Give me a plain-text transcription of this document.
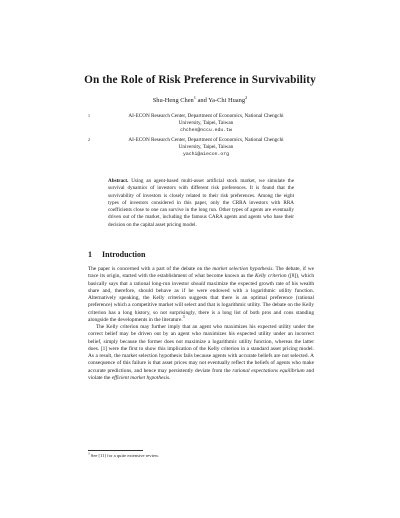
On the Role of Risk Preference in Survivability
Shu-Heng Chen$^1$ and Ya-Chi Huang$^2$
1	AI-ECON Research Center, Department of Economics, National Chengchi
University, Taipei, Taiwan
chchen@nccu.edu.tw
2	AI-ECON Research Center, Department of Economics, National Chengchi
University, Taipei, Taiwan
yachi@aiecon.org
Abstract. Using an agent-based multi-asset artificial stock market, we simulate the survival dynamics of investors with different risk preferences. It is found that the survivability of investors is closely related to their risk preferences. Among the eight types of investors considered in this paper, only the CRRA investors with RRA coefficients close to one can survive in the long run. Other types of agents are eventually driven out of the market, including the famous CARA agents and agents who base their decision on the capital asset pricing model.
1 Introduction

The paper is concerned with a part of the debate on the market selection hypothesis. The debate, if we trace its origin, started with the establishment of what become known as the Kelly criterion ([8]), which basically says that a rational long-run investor should maximize the expected growth rate of his wealth share and, therefore, should behave as if he were endowed with a logarithmic utility function. Alternatively speaking, the Kelly criterion suggests that there is an optimal preference (rational preference) which a competitive market will select and that is logarithmic utility. The debate on the Kelly criterion has a long history, so not surprisingly, there is a long list of both pros and cons standing alongside the developments in the literature.$^3$

The Kelly criterion may further imply that an agent who maximizes his expected utility under the correct belief may be driven out by an agent who maximizes his expected utility under an incorrect belief, simply because the former does not maximize a logarithmic utility function, whereas the latter does. [1] were the first to show this implication of the Kelly criterion in a standard asset pricing model. As a result, the market selection hypothesis fails because agents with accurate beliefs are not selected. A consequence of this failure is that asset prices may not eventually reflect the beliefs of agents who make accurate predictions, and hence may persistently deviate from the rational expectations equilibrium and violate the efficient market hypothesis.

$^3$ See [11] for a quite extensive review.
